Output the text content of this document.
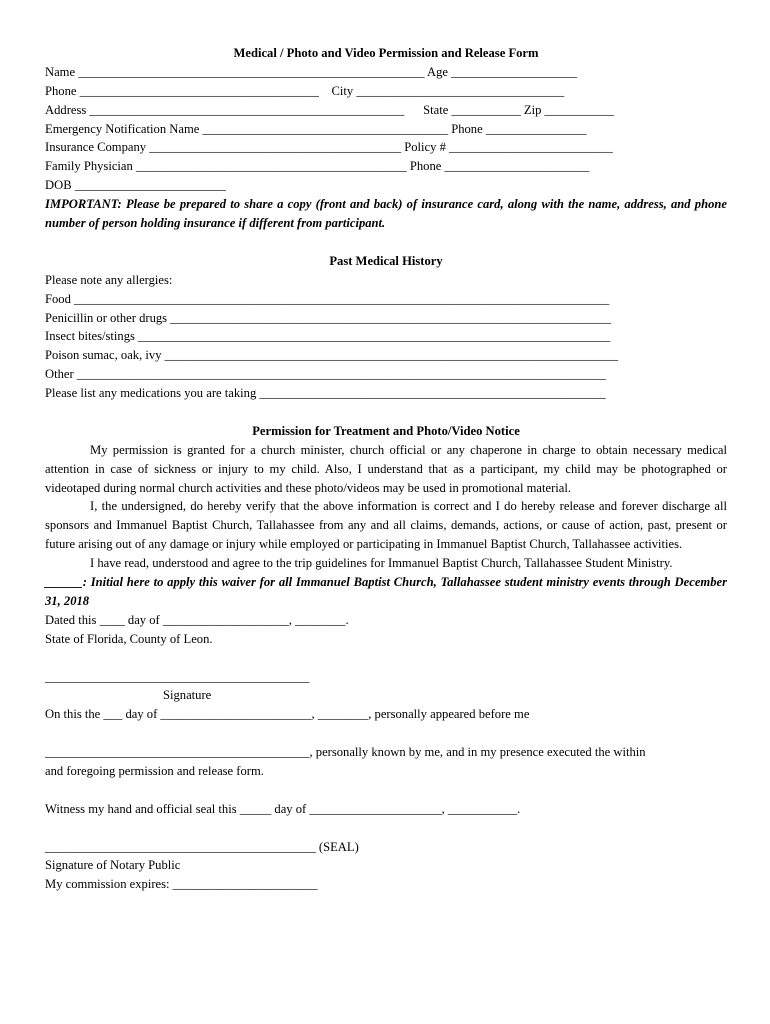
Medical / Photo and Video Permission and Release Form
Name _______________________________________________________ Age ____________________
Phone ______________________________________    City _________________________________
Address __________________________________________________      State ___________ Zip ___________
Emergency Notification Name _______________________________________ Phone ________________
Insurance Company ________________________________________ Policy # __________________________
Family Physician ___________________________________________ Phone _______________________
DOB ________________________

IMPORTANT: Please be prepared to share a copy (front and back) of insurance card, along with the name, address, and phone number of person holding insurance if different from participant.

Past Medical History
Please note any allergies:
Food _____________________________________________________________________________________
Penicillin or other drugs ______________________________________________________________________
Insect bites/stings ___________________________________________________________________________
Poison sumac, oak, ivy ________________________________________________________________________
Other ____________________________________________________________________________________
Please list any medications you are taking _______________________________________________________
Permission for Treatment and Photo/Video Notice

My permission is granted for a church minister, church official or any chaperone in charge to obtain necessary medical attention in case of sickness or injury to my child. Also, I understand that as a participant, my child may be photographed or videotaped during normal church activities and these photo/videos may be used in promotional material.

I, the undersigned, do hereby verify that the above information is correct and I do hereby release and forever discharge all sponsors and Immanuel Baptist Church, Tallahassee from any and all claims, demands, actions, or cause of action, past, present or future arising out of any damage or injury while employed or participating in Immanuel Baptist Church, Tallahassee activities.

I have read, understood and agree to the trip guidelines for Immanuel Baptist Church, Tallahassee Student Ministry.

______: Initial here to apply this waiver for all Immanuel Baptist Church, Tallahassee student ministry events through December 31, 2018

Dated this ____ day of ____________________, ________.
State of Florida, County of Leon.
__________________________________________
Signature
On this the ___ day of ________________________, ________, personally appeared before me
__________________________________________, personally known by me, and in my presence executed the within
and foregoing permission and release form.
Witness my hand and official seal this _____ day of _____________________, ___________.
___________________________________________ (SEAL)
Signature of Notary Public
My commission expires: _______________________
